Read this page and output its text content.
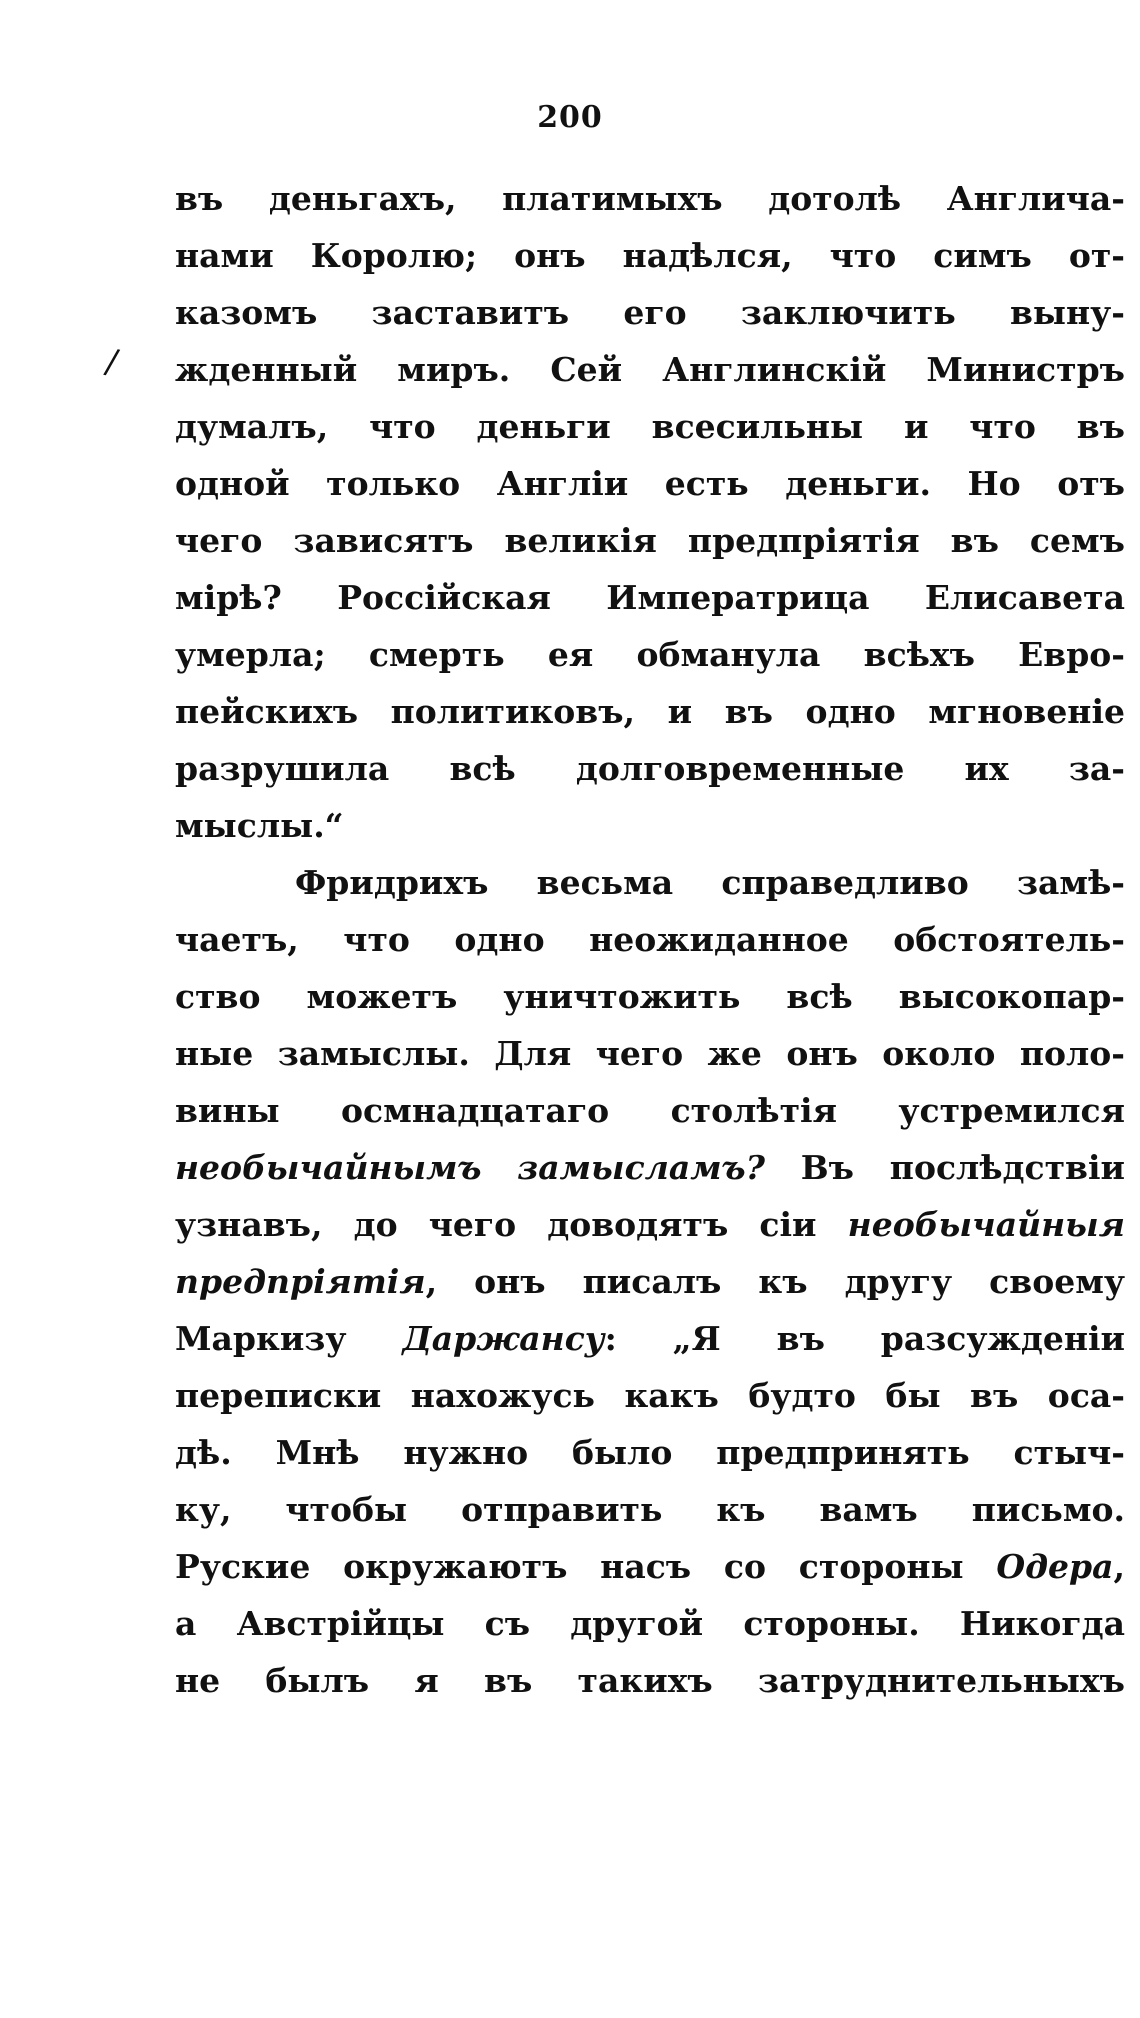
200
/
въ деньгахъ, платимыхъ дотолѣ Англича-
нами Королю; онъ надѣлся, что симъ от-
казомъ заставитъ его заключить выну-
жденный миръ. Сей Англинскій Министръ
думалъ, что деньги всесильны и что въ
одной только Англіи есть деньги. Но отъ
чего зависятъ великія предпріятія въ семъ
мірѣ? Россійская Императрица Елисавета
умерла; смерть ея обманула всѣхъ Евро-
пейскихъ политиковъ, и въ одно мгновеніе
разрушила всѣ долговременные их за-
мыслы.“
Фридрихъ весьма справедливо замѣ-
чаетъ, что одно неожиданное обстоятель-
ство можетъ уничтожить всѣ высокопар-
ные замыслы. Для чего же онъ около поло-
вины осмнадцатаго столѣтія устремился
необычайнымъ замысламъ? Въ послѣдствіи
узнавъ, до чего доводятъ сіи необычайныя
предпріятія, онъ писалъ къ другу своему
Маркизу Даржансу: „Я въ разсужденіи
переписки нахожусь какъ будто бы въ оса-
дѣ. Мнѣ нужно было предпринять стыч-
ку, чтобы отправить къ вамъ письмо.
Руские окружаютъ насъ со стороны Одера,
а Австрійцы съ другой стороны. Никогда
не былъ я въ такихъ затруднительныхъ
